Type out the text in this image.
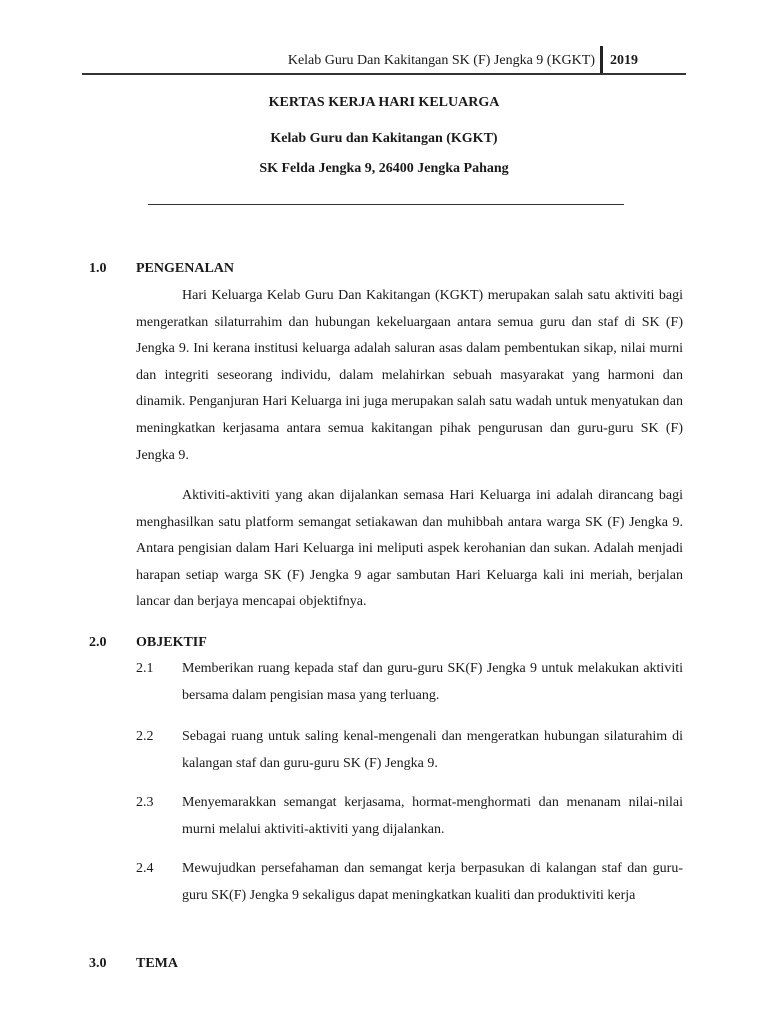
Kelab Guru Dan Kakitangan SK (F) Jengka 9 (KGKT) 2019
KERTAS KERJA HARI KELUARGA
Kelab Guru dan Kakitangan (KGKT)
SK Felda Jengka 9, 26400 Jengka Pahang
1.0 PENGENALAN

Hari Keluarga Kelab Guru Dan Kakitangan (KGKT) merupakan salah satu aktiviti bagi mengeratkan silaturrahim dan hubungan kekeluargaan antara semua guru dan staf di SK (F) Jengka 9. Ini kerana institusi keluarga adalah saluran asas dalam pembentukan sikap, nilai murni dan integriti seseorang individu, dalam melahirkan sebuah masyarakat yang harmoni dan dinamik. Penganjuran Hari Keluarga ini juga merupakan salah satu wadah untuk menyatukan dan meningkatkan kerjasama antara semua kakitangan pihak pengurusan dan guru-guru SK (F) Jengka 9.

Aktiviti-aktiviti yang akan dijalankan semasa Hari Keluarga ini adalah dirancang bagi menghasilkan satu platform semangat setiakawan dan muhibbah antara warga SK (F) Jengka 9. Antara pengisian dalam Hari Keluarga ini meliputi aspek kerohanian dan sukan. Adalah menjadi harapan setiap warga SK (F) Jengka 9 agar sambutan Hari Keluarga kali ini meriah, berjalan lancar dan berjaya mencapai objektifnya.

2.0 OBJEKTIF
2.1 Memberikan ruang kepada staf dan guru-guru SK(F) Jengka 9 untuk melakukan aktiviti bersama dalam pengisian masa yang terluang.

2.2 Sebagai ruang untuk saling kenal-mengenali dan mengeratkan hubungan silaturahim di kalangan staf dan guru-guru SK (F) Jengka 9.

2.3 Menyemarakkan semangat kerjasama, hormat-menghormati dan menanam nilai-nilai murni melalui aktiviti-aktiviti yang dijalankan.

2.4 Mewujudkan persefahaman dan semangat kerja berpasukan di kalangan staf dan guru-guru SK(F) Jengka 9 sekaligus dapat meningkatkan kualiti dan produktiviti kerja

3.0 TEMA
